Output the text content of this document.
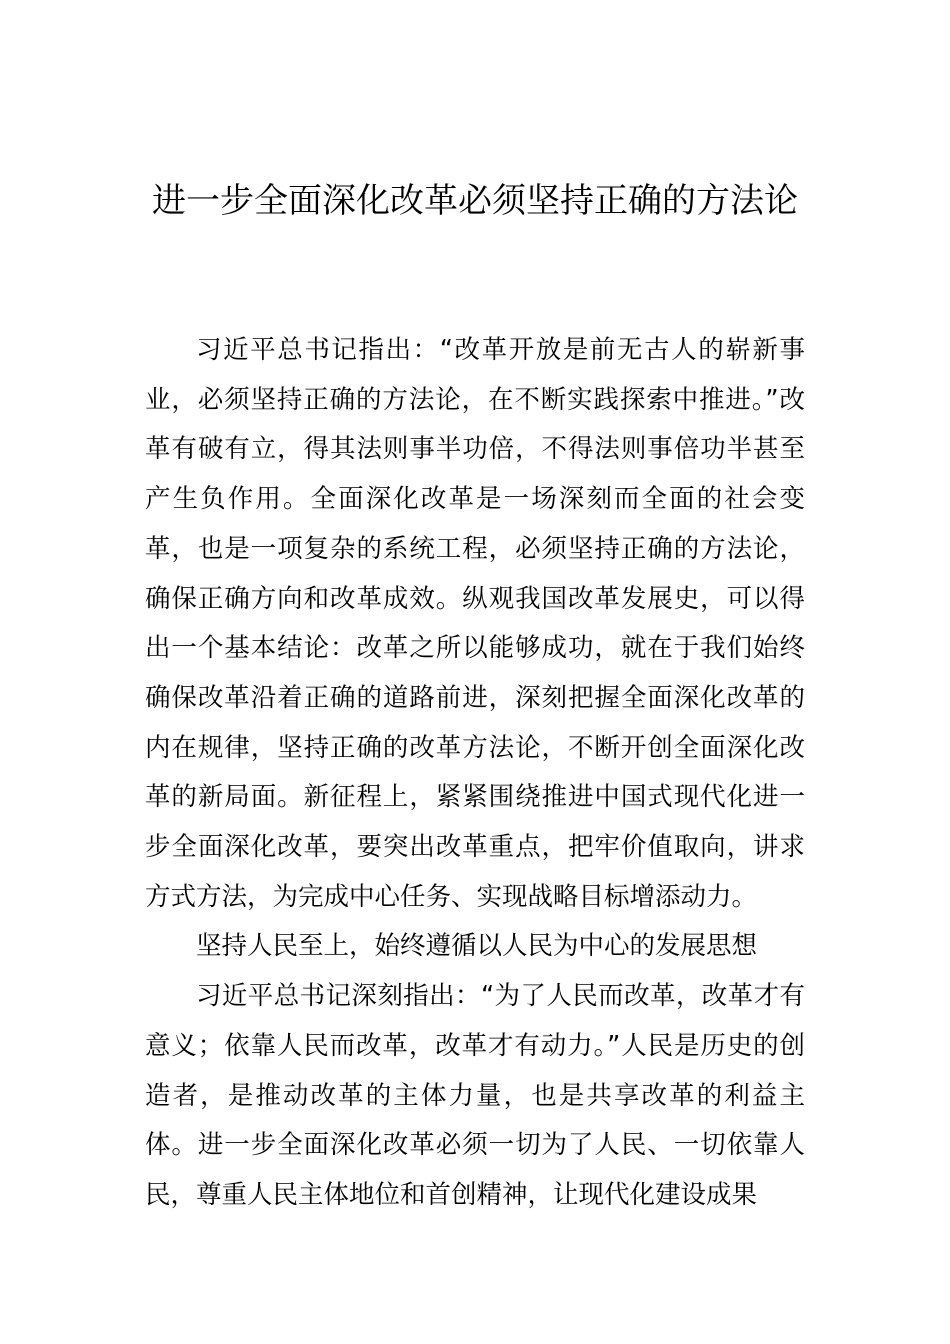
进一步全面深化改革必须坚持正确的方法论

习近平总书记指出：“改革开放是前无古人的崭新事业，必须坚持正确的方法论，在不断实践探索中推进。”改革有破有立，得其法则事半功倍，不得法则事倍功半甚至产生负作用。全面深化改革是一场深刻而全面的社会变革，也是一项复杂的系统工程，必须坚持正确的方法论，确保正确方向和改革成效。纵观我国改革发展史，可以得出一个基本结论：改革之所以能够成功，就在于我们始终确保改革沿着正确的道路前进，深刻把握全面深化改革的内在规律，坚持正确的改革方法论，不断开创全面深化改革的新局面。新征程上，紧紧围绕推进中国式现代化进一步全面深化改革，要突出改革重点，把牢价值取向，讲求方式方法，为完成中心任务、实现战略目标增添动力。

坚持人民至上，始终遵循以人民为中心的发展思想

习近平总书记深刻指出：“为了人民而改革，改革才有意义；依靠人民而改革，改革才有动力。”人民是历史的创造者，是推动改革的主体力量，也是共享改革的利益主体。进一步全面深化改革必须一切为了人民、一切依靠人民，尊重人民主体地位和首创精神，让现代化建设成果
